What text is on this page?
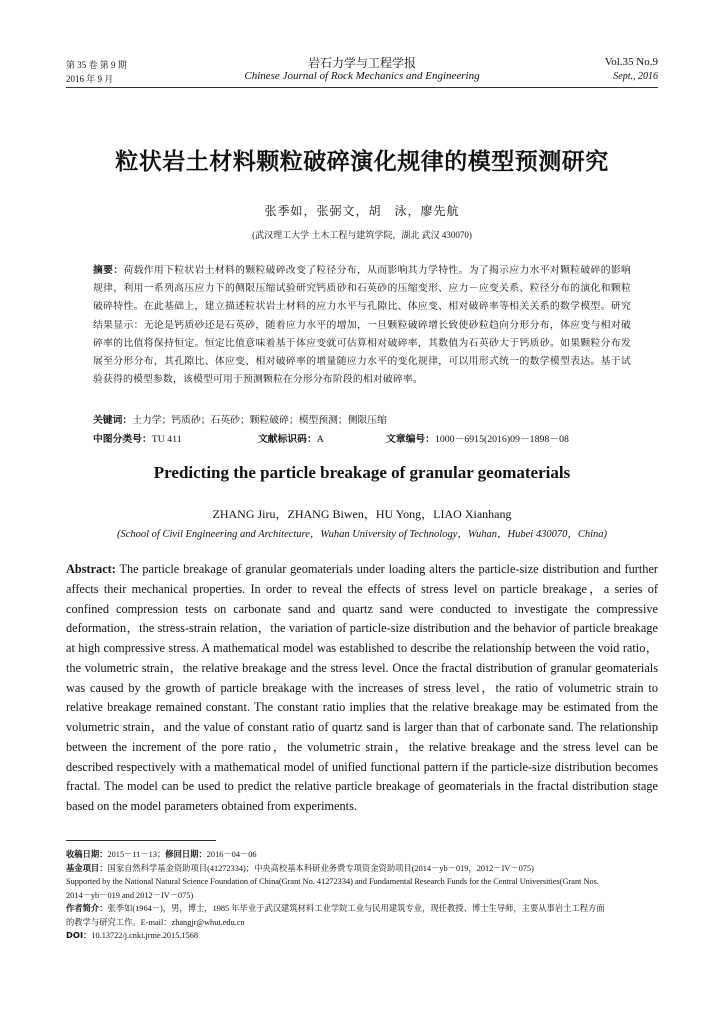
第 35 卷 第 9 期
2016 年 9 月
岩石力学与工程学报
Chinese Journal of Rock Mechanics and Engineering
Vol.35 No.9
Sept., 2016
粒状岩土材料颗粒破碎演化规律的模型预测研究
张季如，张弼文，胡　泳，廖先航
(武汉理工大学 土木工程与建筑学院，湖北 武汉 430070)
摘要：荷载作用下粒状岩土材料的颗粒破碎改变了粒径分布，从而影响其力学特性。为了揭示应力水平对颗粒破碎的影响规律，利用一系列高压应力下的侧限压缩试验研究钙质砂和石英砂的压缩变形、应力－应变关系、粒径分布的演化和颗粒破碎特性。在此基础上，建立描述粒状岩土材料的应力水平与孔隙比、体应变、相对破碎率等相关关系的数学模型。研究结果显示：无论是钙质砂还是石英砂，随着应力水平的增加，一旦颗粒破碎增长致使砂粒趋向分形分布，体应变与相对破碎率的比值将保持恒定。恒定比值意味着基于体应变就可估算相对破碎率，其数值为石英砂大于钙质砂。如果颗粒分布发展至分形分布，其孔隙比、体应变、相对破碎率的增量随应力水平的变化规律，可以用形式统一的数学模型表达。基于试验获得的模型参数，该模型可用于预测颗粒在分形分布阶段的相对破碎率。
关键词：土力学；钙质砂；石英砂；颗粒破碎；模型预测；侧限压缩
中图分类号：TU 411	文献标识码：A	文章编号：1000－6915(2016)09－1898－08
Predicting the particle breakage of granular geomaterials
ZHANG Jiru，ZHANG Biwen，HU Yong，LIAO Xianhang
(School of Civil Engineering and Architecture，Wuhan University of Technology，Wuhan，Hubei 430070，China)
Abstract: The particle breakage of granular geomaterials under loading alters the particle-size distribution and further affects their mechanical properties. In order to reveal the effects of stress level on particle breakage，a series of confined compression tests on carbonate sand and quartz sand were conducted to investigate the compressive deformation，the stress-strain relation，the variation of particle-size distribution and the behavior of particle breakage at high compressive stress. A mathematical model was established to describe the relationship between the void ratio，the volumetric strain，the relative breakage and the stress level. Once the fractal distribution of granular geomaterials was caused by the growth of particle breakage with the increases of stress level，the ratio of volumetric strain to relative breakage remained constant. The constant ratio implies that the relative breakage may be estimated from the volumetric strain，and the value of constant ratio of quartz sand is larger than that of carbonate sand. The relationship between the increment of the pore ratio，the volumetric strain，the relative breakage and the stress level can be described respectively with a mathematical model of unified functional pattern if the particle-size distribution becomes fractal. The model can be used to predict the relative particle breakage of geomaterials in the fractal distribution stage based on the model parameters obtained from experiments.
收稿日期：2015－11－13；修回日期：2016－04－06
基金项目：国家自然科学基金资助项目(41272334)；中央高校基本科研业务费专项资金资助项目(2014－yb－019，2012－IV－075)
Supported by the National Natural Science Foundation of China(Grant No. 41272334) and Fundamental Research Funds for the Central Universities(Grant Nos.
2014－yb－019 and 2012－IV－075)
作者简介：张季如(1964－)，男，博士，1985 年毕业于武汉建筑材料工业学院工业与民用建筑专业，现任教授、博士生导师，主要从事岩土工程方面
的教学与研究工作。E-mail：zhangjr@whut.edu.cn
DOI：10.13722/j.cnki.jrme.2015.1568
